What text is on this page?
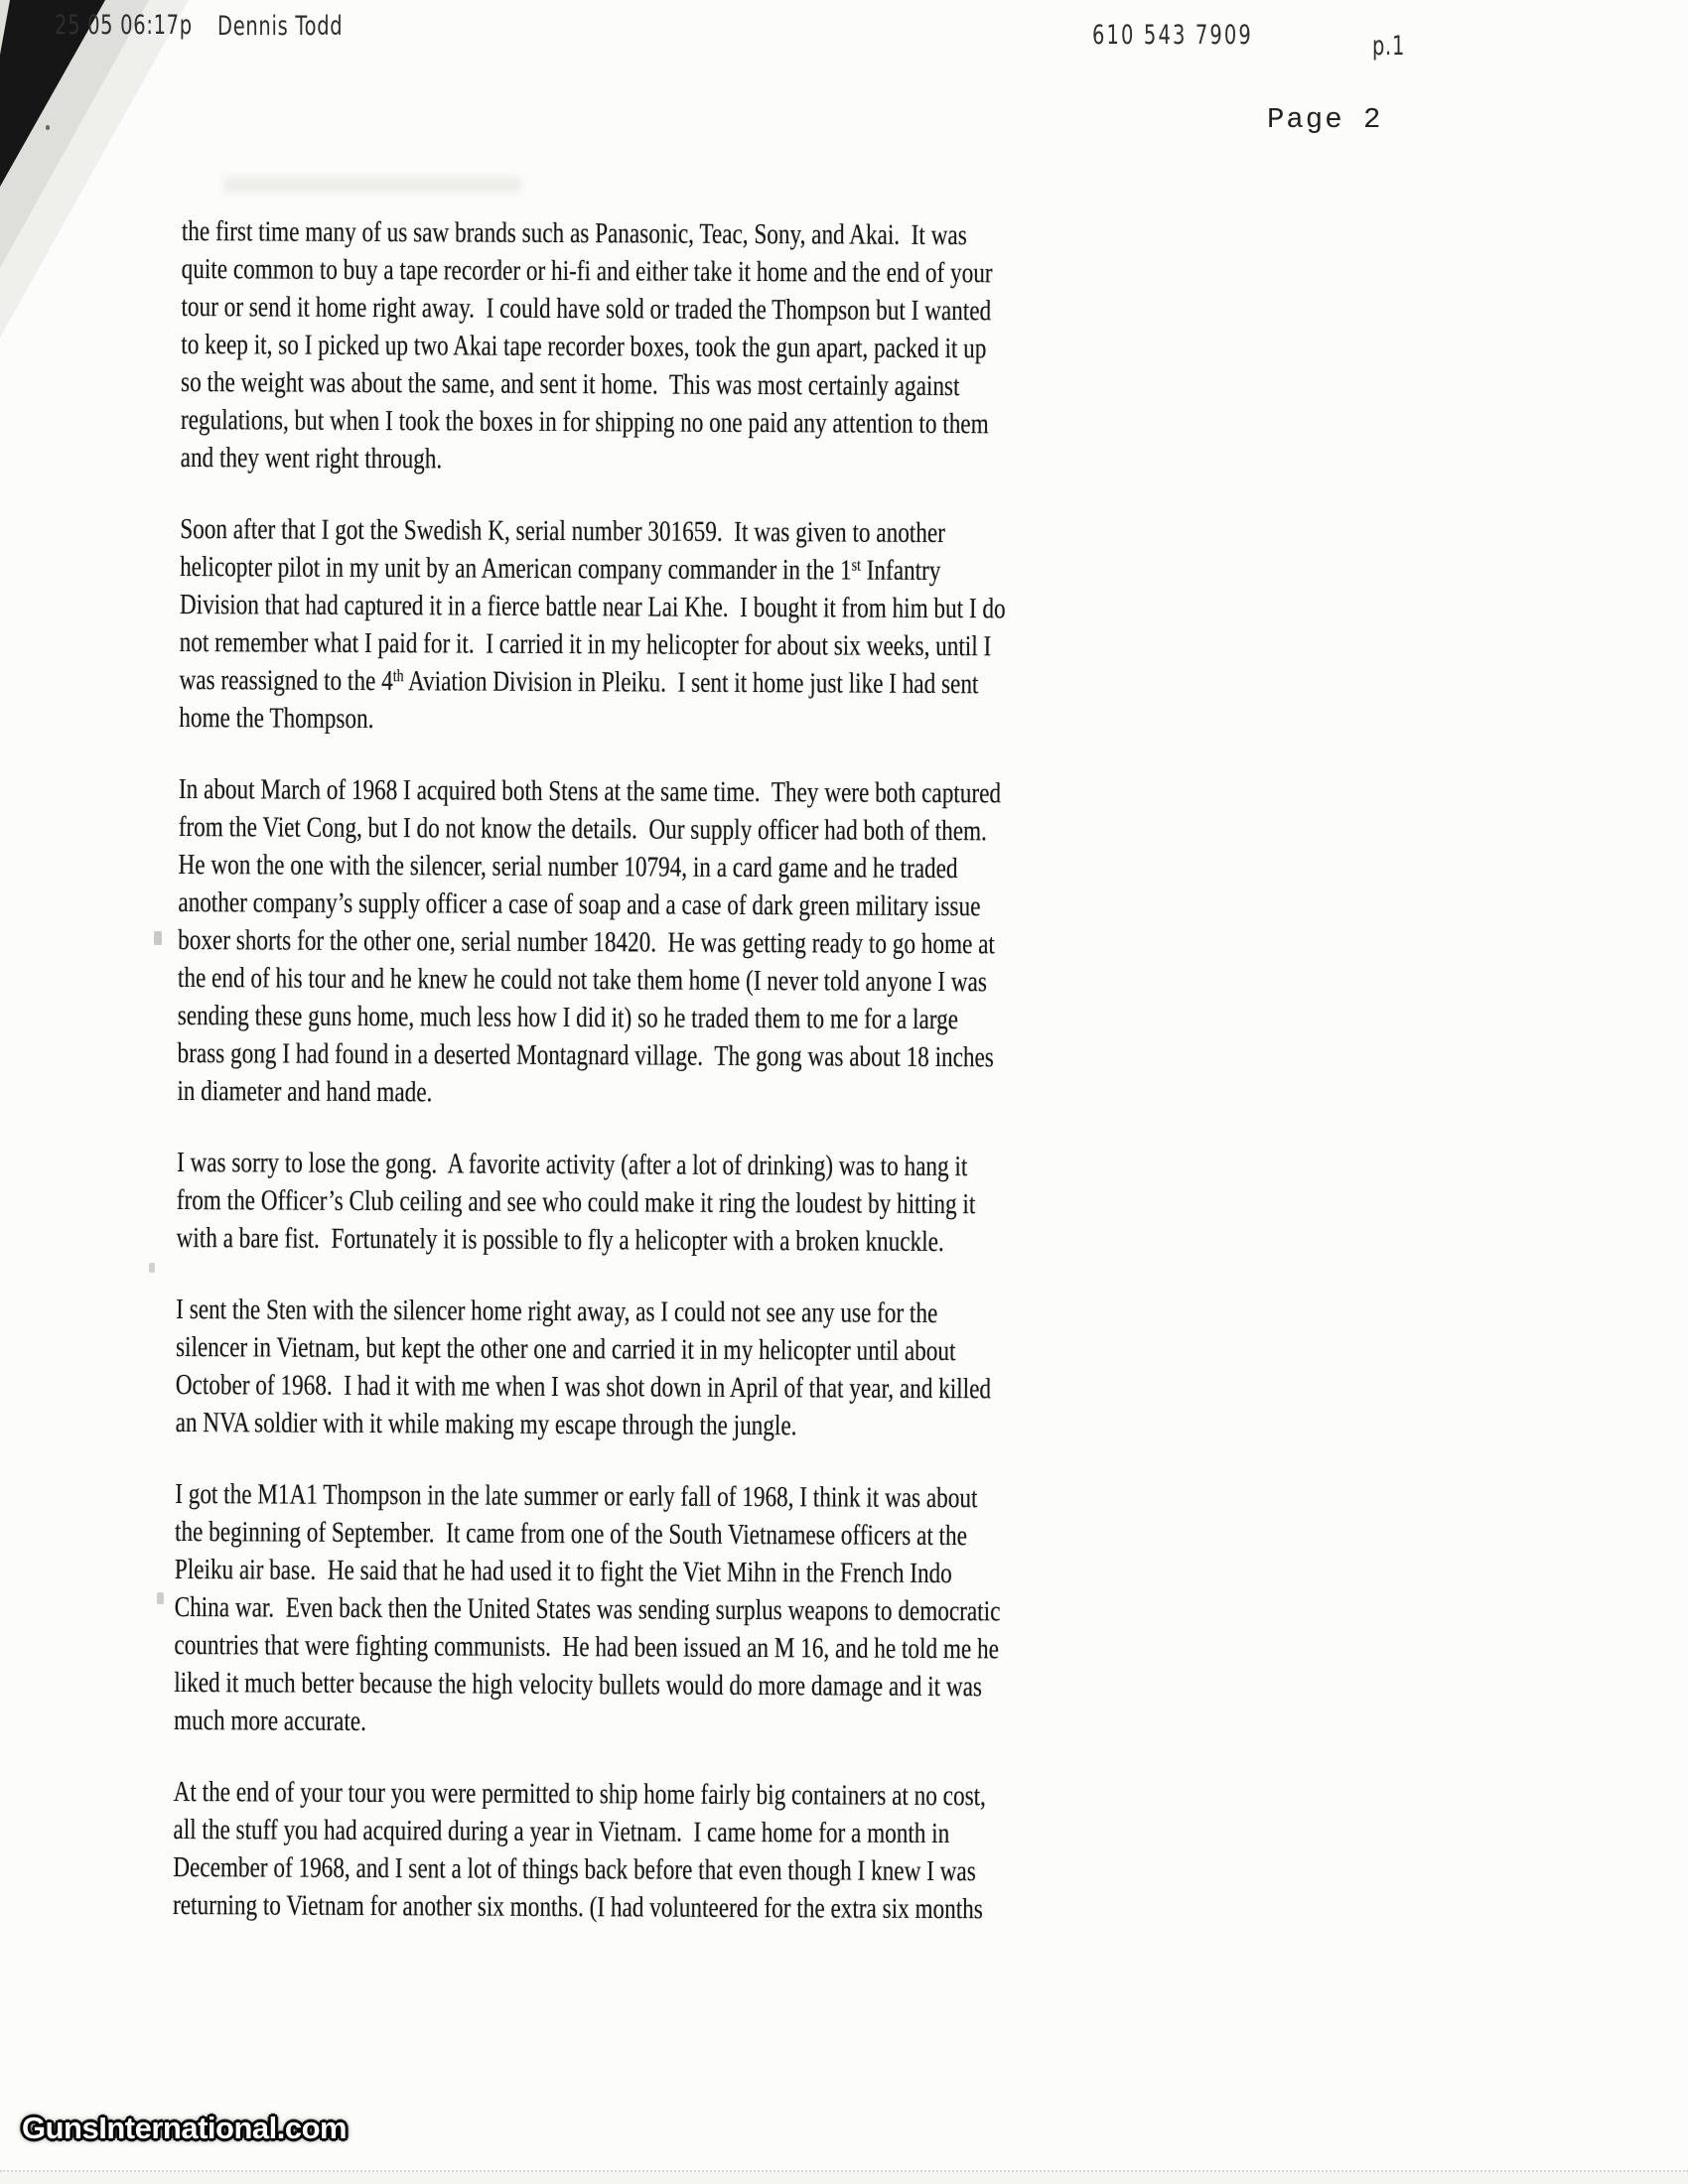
25 05 06:17p Dennis Todd	610 543 7909	p.1
Page 2

the first time many of us saw brands such as Panasonic, Teac, Sony, and Akai.  It was
quite common to buy a tape recorder or hi-fi and either take it home and the end of your
tour or send it home right away.  I could have sold or traded the Thompson but I wanted
to keep it, so I picked up two Akai tape recorder boxes, took the gun apart, packed it up
so the weight was about the same, and sent it home.  This was most certainly against
regulations, but when I took the boxes in for shipping no one paid any attention to them
and they went right through.

Soon after that I got the Swedish K, serial number 301659.  It was given to another
helicopter pilot in my unit by an American company commander in the 1st Infantry
Division that had captured it in a fierce battle near Lai Khe.  I bought it from him but I do
not remember what I paid for it.  I carried it in my helicopter for about six weeks, until I
was reassigned to the 4th Aviation Division in Pleiku.  I sent it home just like I had sent
home the Thompson.

In about March of 1968 I acquired both Stens at the same time.  They were both captured
from the Viet Cong, but I do not know the details.  Our supply officer had both of them.
He won the one with the silencer, serial number 10794, in a card game and he traded
another company’s supply officer a case of soap and a case of dark green military issue
boxer shorts for the other one, serial number 18420.  He was getting ready to go home at
the end of his tour and he knew he could not take them home (I never told anyone I was
sending these guns home, much less how I did it) so he traded them to me for a large
brass gong I had found in a deserted Montagnard village.  The gong was about 18 inches
in diameter and hand made.

I was sorry to lose the gong.  A favorite activity (after a lot of drinking) was to hang it
from the Officer’s Club ceiling and see who could make it ring the loudest by hitting it
with a bare fist.  Fortunately it is possible to fly a helicopter with a broken knuckle.

I sent the Sten with the silencer home right away, as I could not see any use for the
silencer in Vietnam, but kept the other one and carried it in my helicopter until about
October of 1968.  I had it with me when I was shot down in April of that year, and killed
an NVA soldier with it while making my escape through the jungle.

I got the M1A1 Thompson in the late summer or early fall of 1968, I think it was about
the beginning of September.  It came from one of the South Vietnamese officers at the
Pleiku air base.  He said that he had used it to fight the Viet Mihn in the French Indo
China war.  Even back then the United States was sending surplus weapons to democratic
countries that were fighting communists.  He had been issued an M 16, and he told me he
liked it much better because the high velocity bullets would do more damage and it was
much more accurate.

At the end of your tour you were permitted to ship home fairly big containers at no cost,
all the stuff you had acquired during a year in Vietnam.  I came home for a month in
December of 1968, and I sent a lot of things back before that even though I knew I was
returning to Vietnam for another six months. (I had volunteered for the extra six months

GunsInternational.com
